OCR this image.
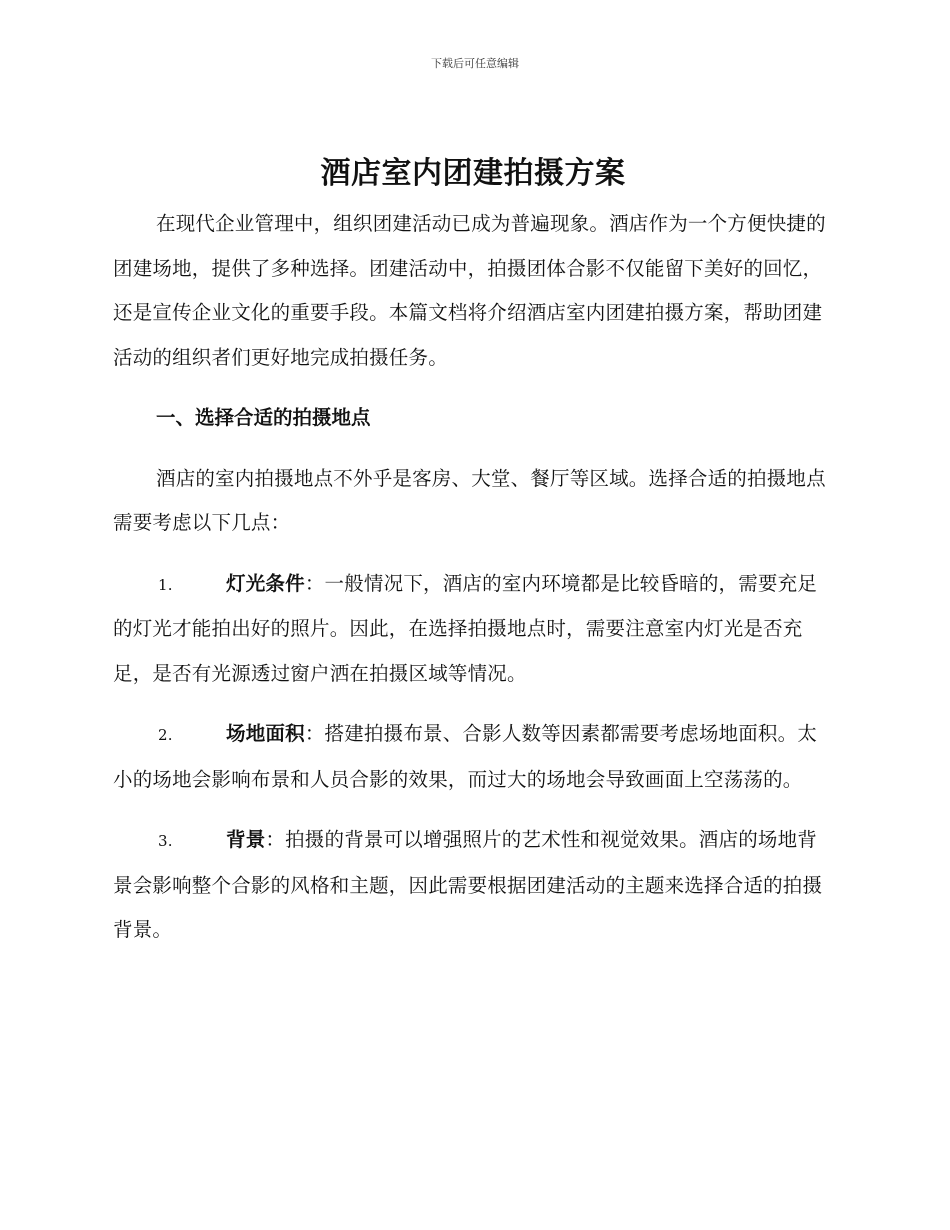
下载后可任意编辑
酒店室内团建拍摄方案

在现代企业管理中，组织团建活动已成为普遍现象。酒店作为一个方便快捷的团建场地，提供了多种选择。团建活动中，拍摄团体合影不仅能留下美好的回忆，还是宣传企业文化的重要手段。本篇文档将介绍酒店室内团建拍摄方案，帮助团建活动的组织者们更好地完成拍摄任务。

一、选择合适的拍摄地点

酒店的室内拍摄地点不外乎是客房、大堂、餐厅等区域。选择合适的拍摄地点需要考虑以下几点：

1.	灯光条件：一般情况下，酒店的室内环境都是比较昏暗的，需要充足的灯光才能拍出好的照片。因此，在选择拍摄地点时，需要注意室内灯光是否充足，是否有光源透过窗户洒在拍摄区域等情况。

2.	场地面积：搭建拍摄布景、合影人数等因素都需要考虑场地面积。太小的场地会影响布景和人员合影的效果，而过大的场地会导致画面上空荡荡的。

3.	背景：拍摄的背景可以增强照片的艺术性和视觉效果。酒店的场地背景会影响整个合影的风格和主题，因此需要根据团建活动的主题来选择合适的拍摄背景。
